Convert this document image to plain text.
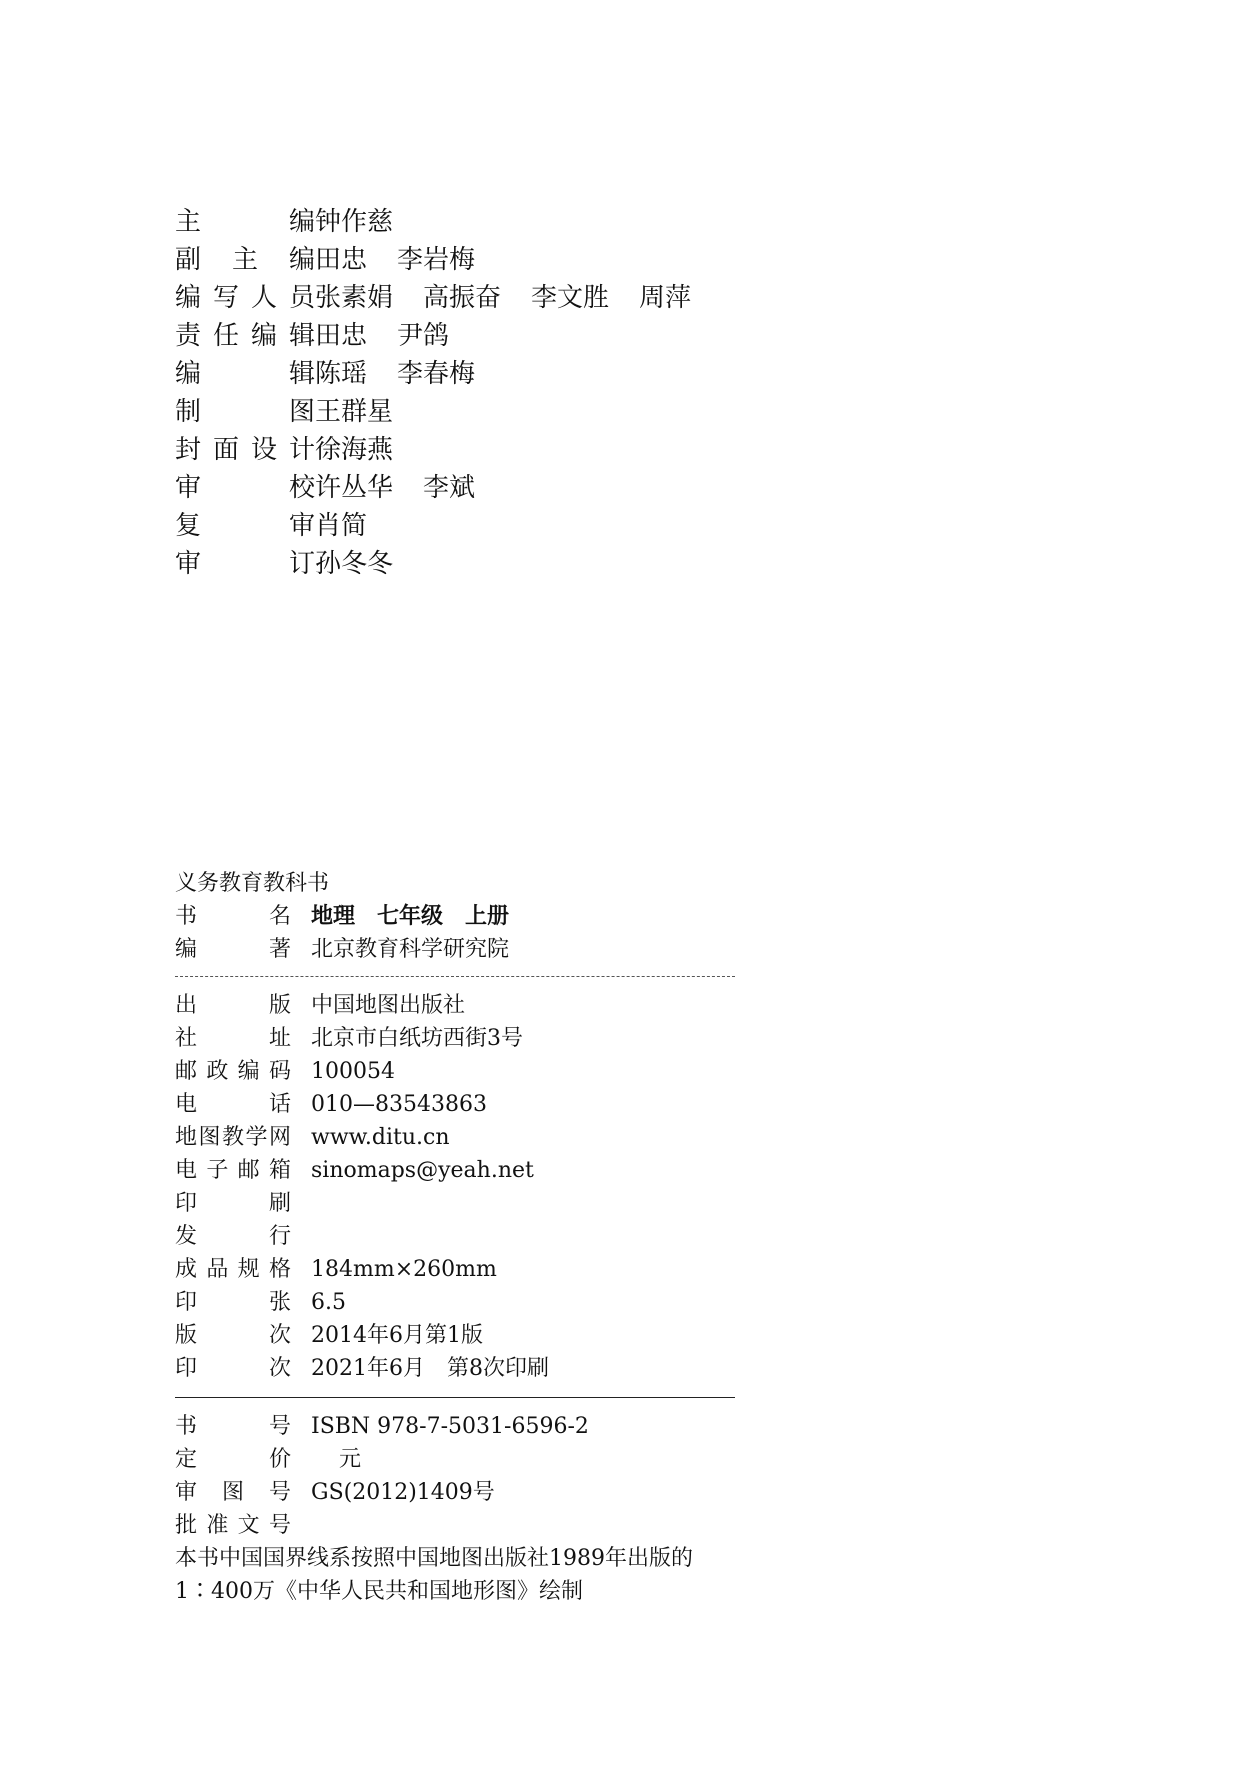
主编钟作慈
副主编田忠 李岩梅
编写人员张素娟 高振奋 李文胜 周萍
责任编辑田忠 尹鸽
编辑陈瑶 李春梅
制图王群星
封面设计徐海燕
审校许丛华 李斌
复审肖简
审订孙冬冬
义务教育教科书
书名 地理　七年级　上册
编著 北京教育科学研究院
出版 中国地图出版社
社址 北京市白纸坊西街3号
邮政编码 100054
电话 010—83543863
地图教学网 www.ditu.cn
电子邮箱 sinomaps@yeah.net
印刷
发行
成品规格 184mm×260mm
印张 6.5
版次 2014年6月第1版
印次 2021年6月　第8次印刷
书号 ISBN 978-7-5031-6596-2
定价 元
审图号 GS(2012)1409号
批准文号
本书中国国界线系按照中国地图出版社1989年出版的
1∶400万《中华人民共和国地形图》绘制
